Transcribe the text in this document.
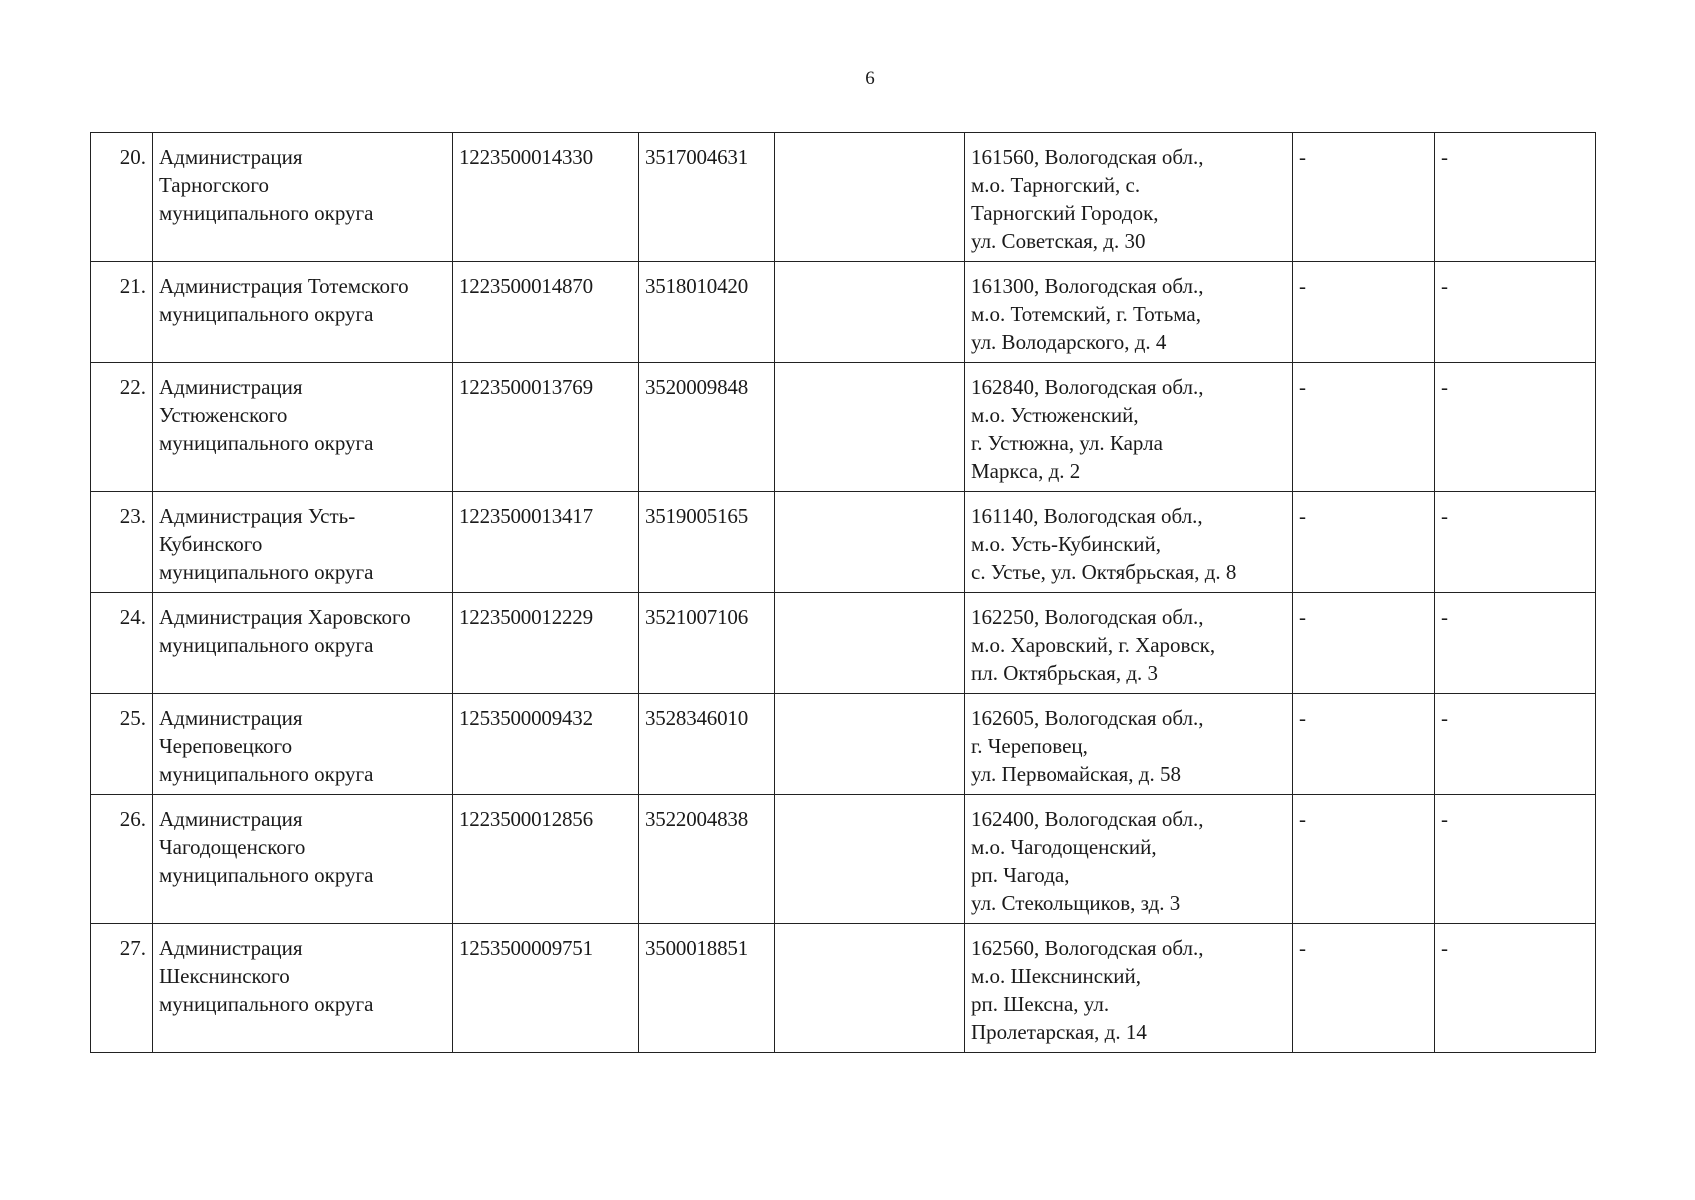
6
20.	Администрация
Тарногского
муниципального округа	1223500014330	3517004631		161560, Вологодская обл.,
м.о. Тарногский, с.
Тарногский Городок,
ул. Советская, д. 30	-	-
21.	Администрация Тотемского
муниципального округа	1223500014870	3518010420		161300, Вологодская обл.,
м.о. Тотемский, г. Тотьма,
ул. Володарского, д. 4	-	-
22.	Администрация
Устюженского
муниципального округа	1223500013769	3520009848		162840, Вологодская обл.,
м.о. Устюженский,
г. Устюжна, ул. Карла
Маркса, д. 2	-	-
23.	Администрация Усть-
Кубинского
муниципального округа	1223500013417	3519005165		161140, Вологодская обл.,
м.о. Усть-Кубинский,
с. Устье, ул. Октябрьская, д. 8	-	-
24.	Администрация Харовского
муниципального округа	1223500012229	3521007106		162250, Вологодская обл.,
м.о. Харовский, г. Харовск,
пл. Октябрьская, д. 3	-	-
25.	Администрация
Череповецкого
муниципального округа	1253500009432	3528346010		162605, Вологодская обл.,
г. Череповец,
ул. Первомайская, д. 58	-	-
26.	Администрация
Чагодощенского
муниципального округа	1223500012856	3522004838		162400, Вологодская обл.,
м.о. Чагодощенский,
рп. Чагода,
ул. Стекольщиков, зд. 3	-	-
27.	Администрация
Шекснинского
муниципального округа	1253500009751	3500018851		162560, Вологодская обл.,
м.о. Шекснинский,
рп. Шексна, ул.
Пролетарская, д. 14	-	-
